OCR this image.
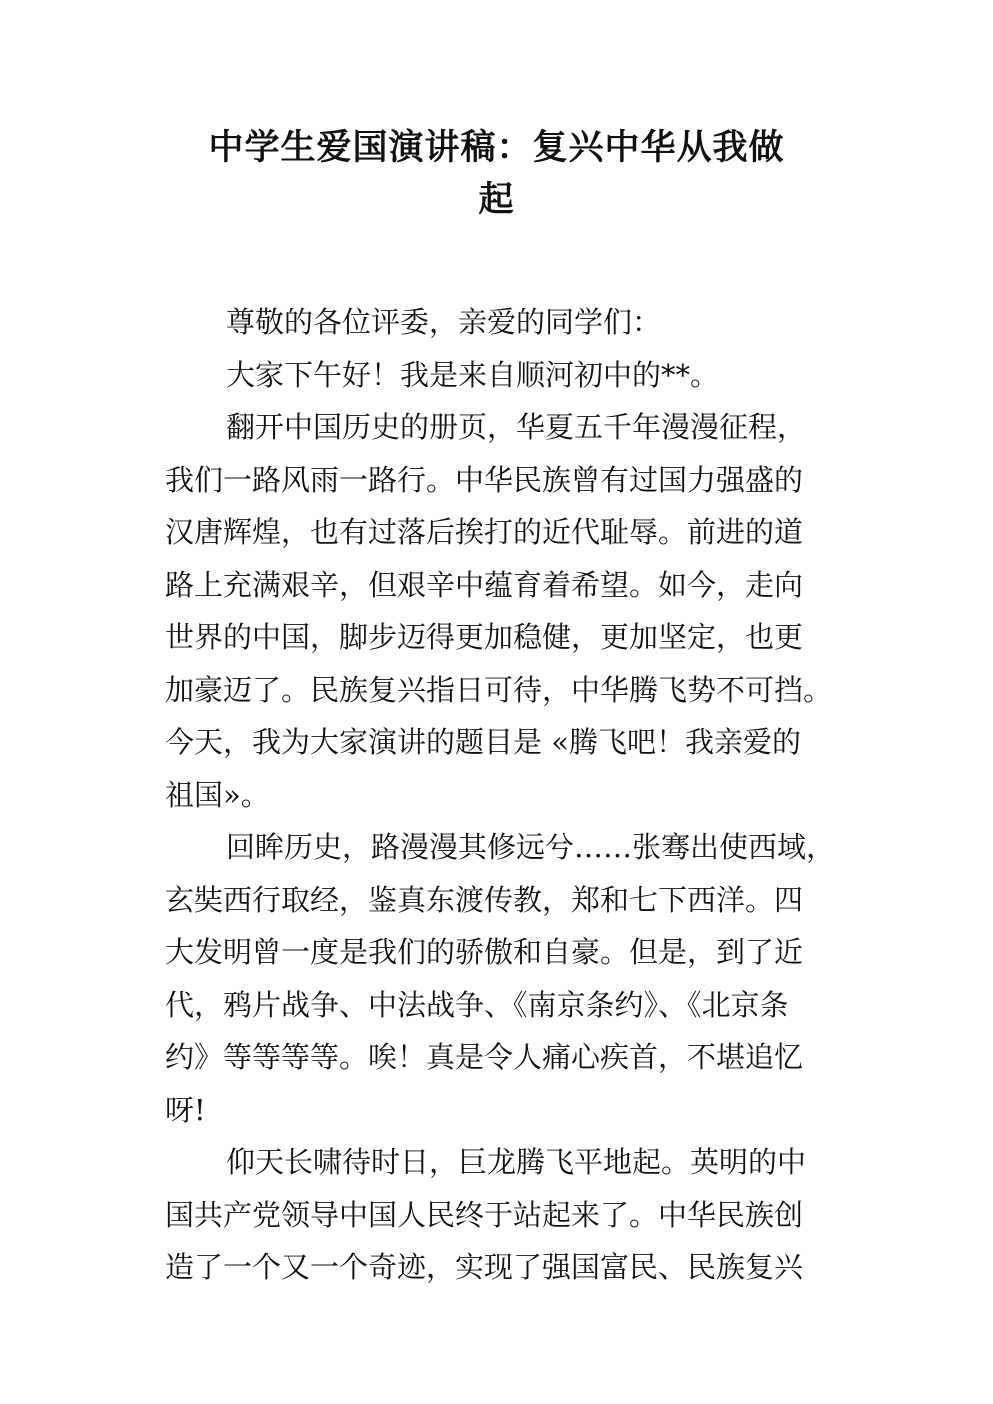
中学生爱国演讲稿：复兴中华从我做
起
尊敬的各位评委，亲爱的同学们：
大家下午好！我是来自顺河初中的**。
翻开中国历史的册页，华夏五千年漫漫征程，
我们一路风雨一路行。中华民族曾有过国力强盛的
汉唐辉煌，也有过落后挨打的近代耻辱。前进的道
路上充满艰辛，但艰辛中蕴育着希望。如今，走向
世界的中国，脚步迈得更加稳健，更加坚定，也更
加豪迈了。民族复兴指日可待，中华腾飞势不可挡。
今天，我为大家演讲的题目是 «腾飞吧！我亲爱的
祖国»。
回眸历史，路漫漫其修远兮……张骞出使西域，
玄奘西行取经，鉴真东渡传教，郑和七下西洋。四
大发明曾一度是我们的骄傲和自豪。但是，到了近
代，鸦片战争、中法战争、《南京条约》、《北京条
约》等等等等。唉！真是令人痛心疾首，不堪追忆
呀!
仰天长啸待时日，巨龙腾飞平地起。英明的中
国共产党领导中国人民终于站起来了。中华民族创
造了一个又一个奇迹，实现了强国富民、民族复兴
